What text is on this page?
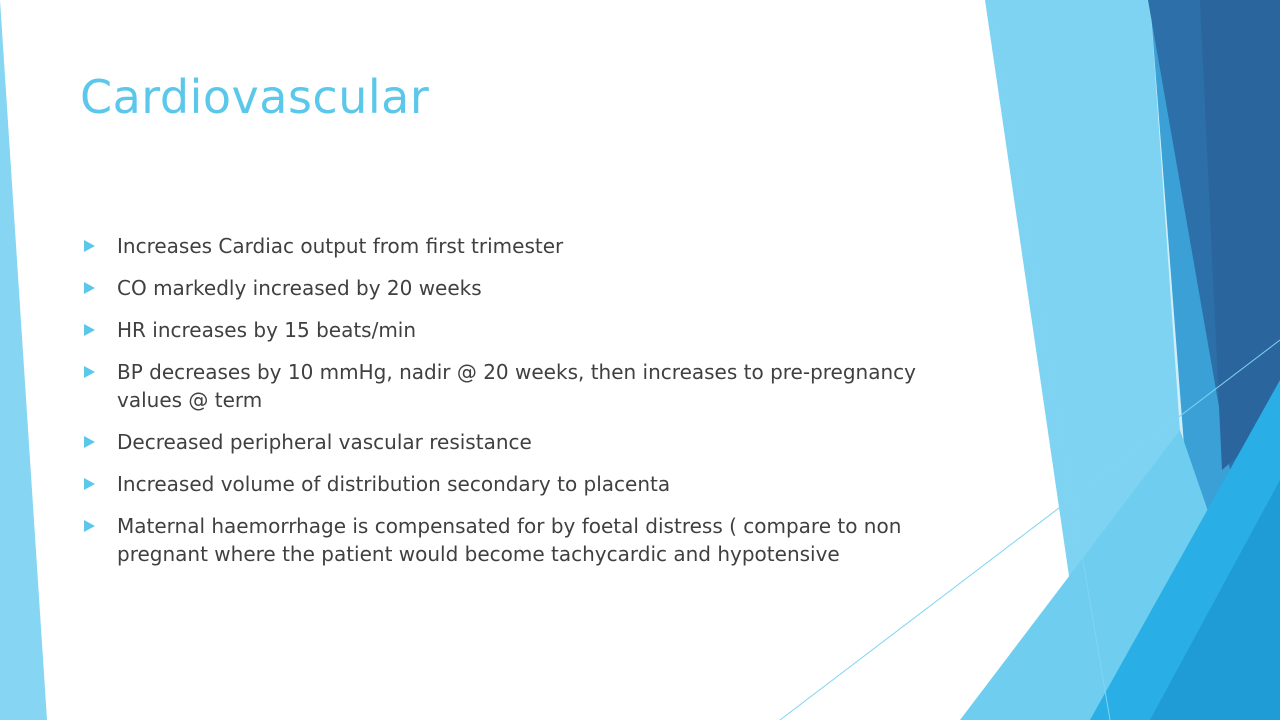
Cardiovascular
Increases Cardiac output from first trimester
CO markedly increased by 20 weeks
HR increases by 15 beats/min
BP decreases by 10 mmHg, nadir @ 20 weeks, then increases to pre-pregnancy values @ term
Decreased peripheral vascular resistance
Increased volume of distribution secondary to placenta
Maternal haemorrhage is compensated for by foetal distress ( compare to non pregnant where the patient would become tachycardic and hypotensive
